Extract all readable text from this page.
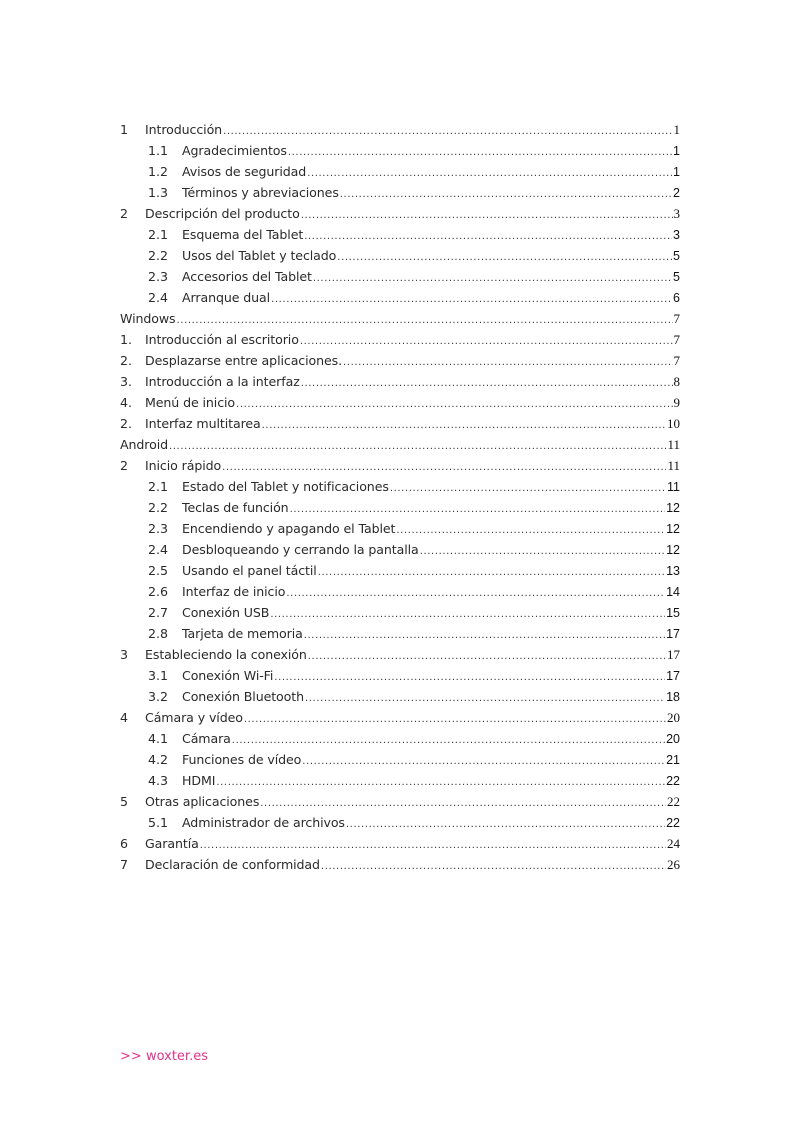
1	Introducción .....	1
1.1	Agradecimientos .....	1
1.2	Avisos de seguridad .....	1
1.3	Términos y abreviaciones .....	2
2	Descripción del producto .....	3
2.1	Esquema del Tablet .....	3
2.2	Usos del Tablet y teclado .....	5
2.3	Accesorios del Tablet .....	5
2.4	Arranque dual .....	6
Windows .....	7
1.	Introducción al escritorio .....	7
2.	Desplazarse entre aplicaciones. .....	7
3.	Introducción a la interfaz .....	8
4.	Menú de inicio .....	9
2.	Interfaz multitarea .....	10
Android .....	11
2	Inicio rápido .....	11
2.1	Estado del Tablet y notificaciones .....	11
2.2	Teclas de función .....	12
2.3	Encendiendo y apagando el Tablet .....	12
2.4	Desbloqueando y cerrando la pantalla .....	12
2.5	Usando el panel táctil .....	13
2.6	Interfaz de inicio .....	14
2.7	Conexión USB .....	15
2.8	Tarjeta de memoria .....	17
3	Estableciendo la conexión .....	17
3.1	Conexión Wi-Fi .....	17
3.2	Conexión Bluetooth .....	18
4	Cámara y vídeo .....	20
4.1	Cámara .....	20
4.2	Funciones de vídeo .....	21
4.3	HDMI .....	22
5	Otras aplicaciones .....	22
5.1	Administrador de archivos .....	22
6	Garantía .....	24
7	Declaración de conformidad .....	26
>> woxter.es
